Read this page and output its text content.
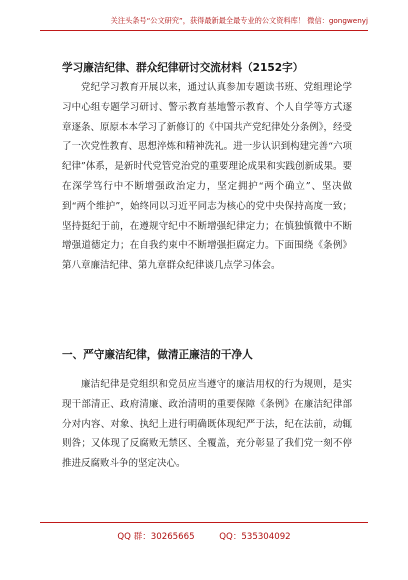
关注头条号“公文研究”，获得最新最全最专业的公文资料库！ 微信：gongwenyj
学习廉洁纪律、群众纪律研讨交流材料（2152字）

党纪学习教育开展以来，通过认真参加专题读书班、党组理论学习中心组专题学习研讨、警示教育基地警示教育、个人自学等方式逐章逐条、原原本本学习了新修订的《中国共产党纪律处分条例》，经受了一次党性教育、思想淬炼和精神洗礼。进一步认识到构建完善“六项纪律”体系，是新时代党管党治党的重要理论成果和实践创新成果。要在深学笃行中不断增强政治定力，坚定拥护“两个确立”、坚决做到“两个维护”，始终同以习近平同志为核心的党中央保持高度一致；坚持挺纪于前，在遵规守纪中不断增强纪律定力；在慎独慎微中不断增强道德定力；在自我约束中不断增强拒腐定力。下面围绕《条例》第八章廉洁纪律、第九章群众纪律谈几点学习体会。

一、严守廉洁纪律，做清正廉洁的干净人

廉洁纪律是党组织和党员应当遵守的廉洁用权的行为规则，是实现干部清正、政府清廉、政治清明的重要保障《条例》在廉洁纪律部分对内容、对象、执纪上进行明确既体现纪严于法，纪在法前，动辄则咎；又体现了反腐败无禁区、全覆盖，充分彰显了我们党一刻不停推进反腐败斗争的坚定决心。

QQ 群：30265665	QQ：535304092
